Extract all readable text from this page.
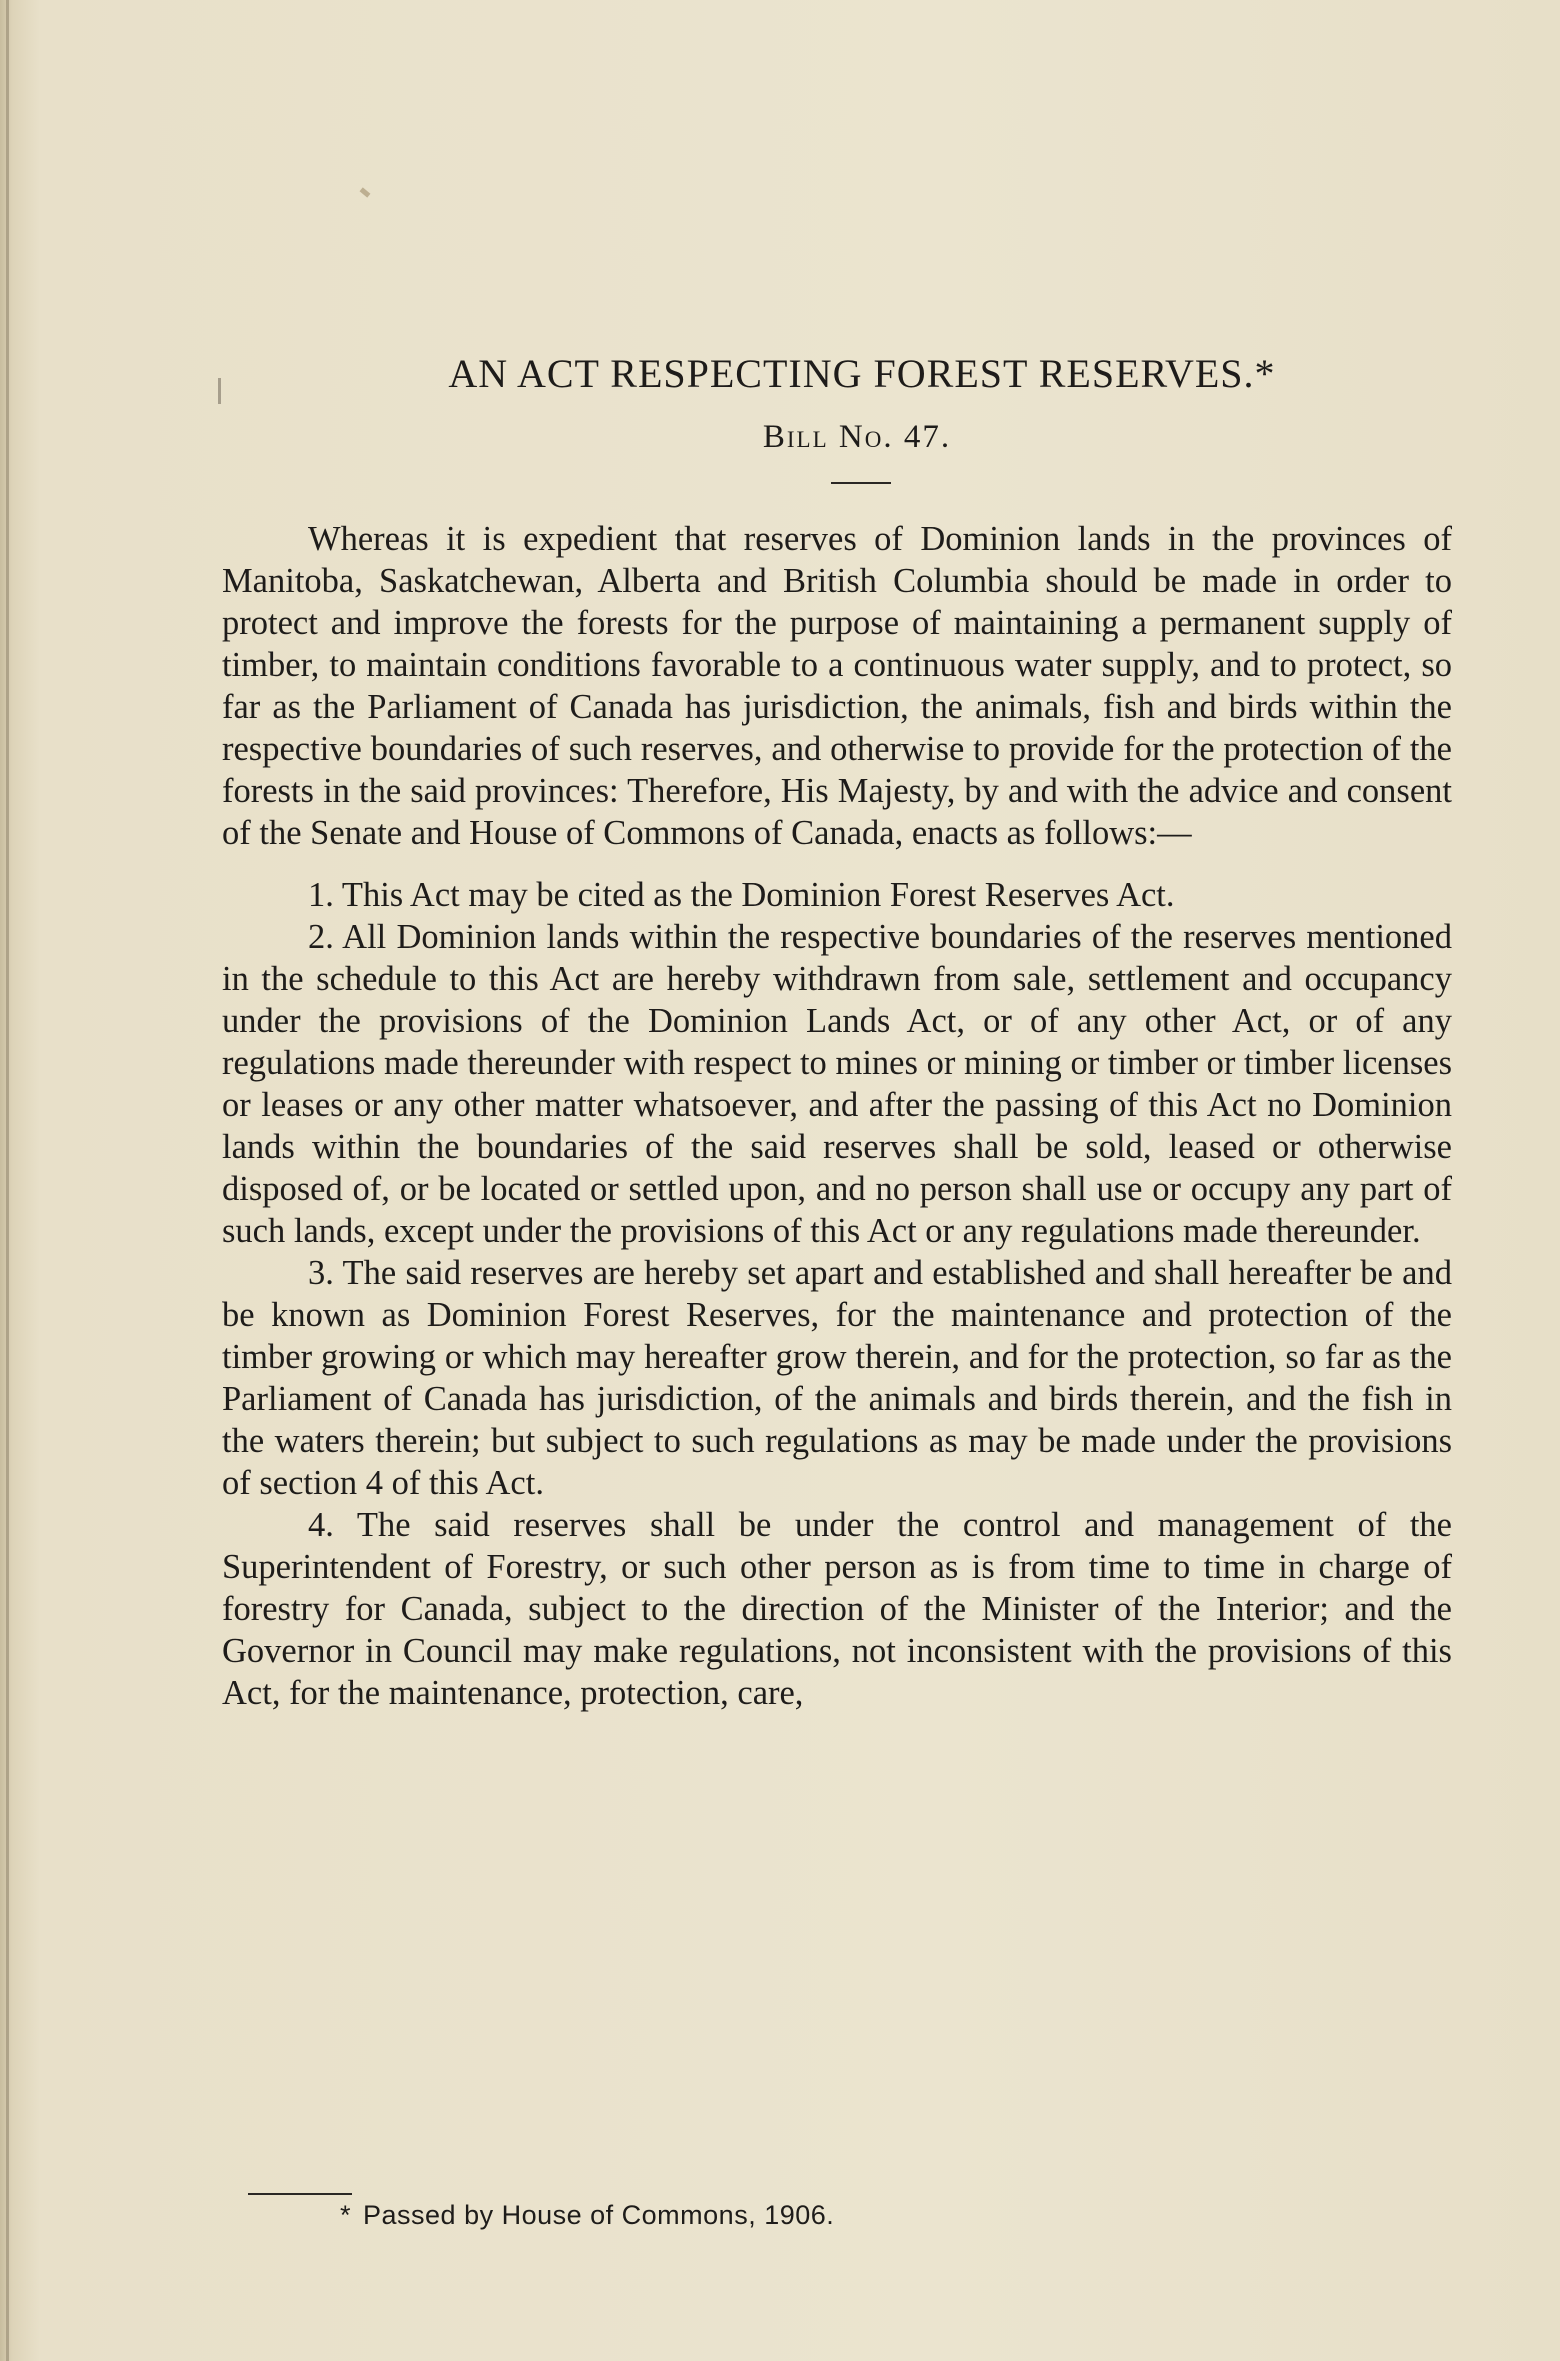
AN ACT RESPECTING FOREST RESERVES.*

Bill No. 47.

Whereas it is expedient that reserves of Dominion lands in the provinces of Manitoba, Saskatchewan, Alberta and British Columbia should be made in order to protect and improve the forests for the purpose of maintaining a permanent supply of timber, to maintain conditions favorable to a continuous water supply, and to protect, so far as the Parliament of Canada has jurisdiction, the animals, fish and birds within the respective boundaries of such reserves, and otherwise to provide for the protection of the forests in the said provinces: Therefore, His Majesty, by and with the advice and consent of the Senate and House of Commons of Canada, enacts as follows:—

1. This Act may be cited as the Dominion Forest Reserves Act.

2. All Dominion lands within the respective boundaries of the reserves mentioned in the schedule to this Act are hereby withdrawn from sale, settlement and occupancy under the provisions of the Dominion Lands Act, or of any other Act, or of any regulations made thereunder with respect to mines or mining or timber or timber licenses or leases or any other matter whatsoever, and after the passing of this Act no Dominion lands within the boundaries of the said reserves shall be sold, leased or otherwise disposed of, or be located or settled upon, and no person shall use or occupy any part of such lands, except under the provisions of this Act or any regulations made thereunder.

3. The said reserves are hereby set apart and established and shall hereafter be and be known as Dominion Forest Reserves, for the maintenance and protection of the timber growing or which may hereafter grow therein, and for the protection, so far as the Parliament of Canada has jurisdiction, of the animals and birds therein, and the fish in the waters therein; but subject to such regulations as may be made under the provisions of section 4 of this Act.

4. The said reserves shall be under the control and management of the Superintendent of Forestry, or such other person as is from time to time in charge of forestry for Canada, subject to the direction of the Minister of the Interior; and the Governor in Council may make regulations, not inconsistent with the provisions of this Act, for the maintenance, protection, care,

* Passed by House of Commons, 1906.
